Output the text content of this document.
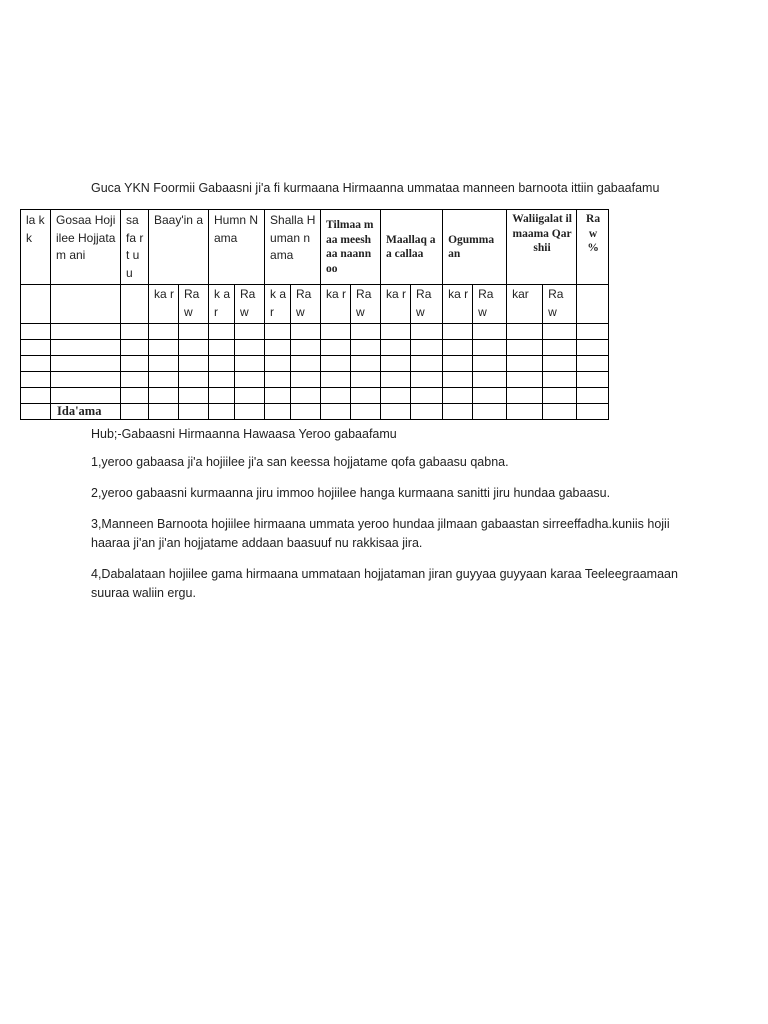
Guca YKN Foormii Gabaasni ji'a fi kurmaana Hirmaanna ummataa manneen barnoota ittiin gabaafamu
la kk	Gosaa Hojiilee Hojjatam ani	sa fa rt uu	Baay'in a		Humn Nama		Shalla Human nama		Tilmaa maa meeshaa naannoo		Maallaq aa callaa		Ogumma an		Waliigalat ilmaama Qarshii		Ra w %
			ka r	Ra w	k ar	Ra w	k ar	Ra w	ka r	Ra w	ka r	Ra w	ka r	Ra w	kar	Ra w	

	Ida'ama																

Hub;-Gabaasni Hirmaanna Hawaasa Yeroo gabaafamu

1,yeroo gabaasa ji'a hojiilee ji'a san keessa hojjatame qofa gabaasu qabna.

2,yeroo gabaasni kurmaanna jiru immoo hojiilee hanga kurmaana sanitti jiru hundaa gabaasu.

3,Manneen Barnoota hojiilee hirmaana ummata yeroo hundaa jilmaan gabaastan sirreeffadha.kuniis hojii haaraa ji'an ji'an hojjatame addaan baasuuf nu rakkisaa jira.

4,Dabalataan hojiilee gama hirmaana ummataan hojjataman jiran guyyaa guyyaan karaa Teeleegraamaan suuraa waliin ergu.
